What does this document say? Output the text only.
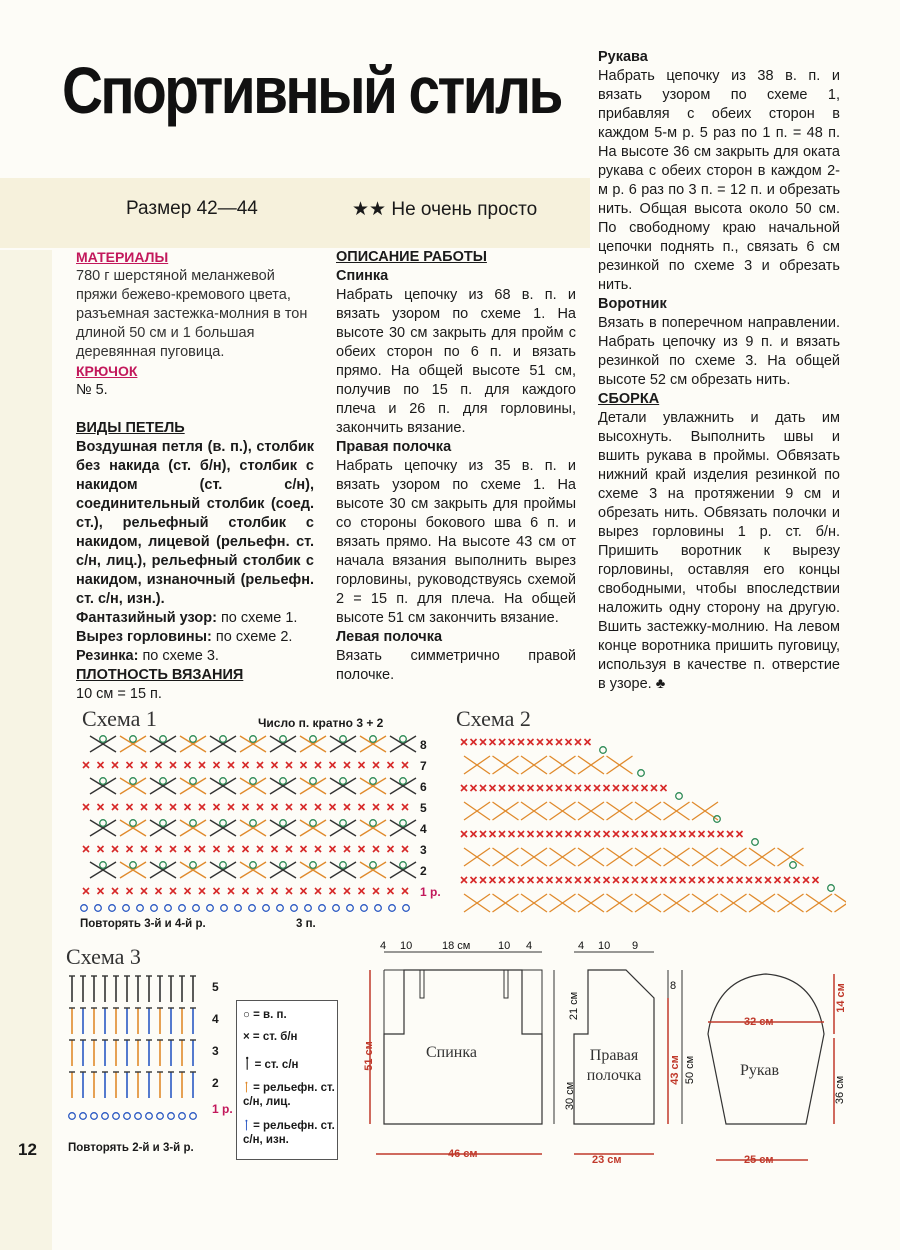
Спортивный стиль
Размер 42—44	★★ Не очень просто

МАТЕРИАЛЫ

780 г шерстяной меланжевой пряжи бежево-кремового цвета, разъемная застежка-молния в тон длиной 50 см и 1 большая деревянная пуговица.

КРЮЧОК

№ 5.

ВИДЫ ПЕТЕЛЬ

Воздушная петля (в. п.), столбик без накида (ст. б/н), столбик с накидом (ст. с/н), соединительный столбик (соед. ст.), рельефный столбик с накидом, лицевой (рельефн. ст. с/н, лиц.), рельефный столбик с накидом, изнаночный (рельефн. ст. с/н, изн.).

Фантазийный узор: по схеме 1.

Вырез горловины: по схеме 2.

Резинка: по схеме 3.

ПЛОТНОСТЬ ВЯЗАНИЯ

10 см = 15 п.

ОПИСАНИЕ РАБОТЫ

Спинка

Набрать цепочку из 68 в. п. и вязать узором по схеме 1. На высоте 30 см закрыть для пройм с обеих сторон по 6 п. и вязать прямо. На общей высоте 51 см, получив по 15 п. для каждого плеча и 26 п. для горловины, закончить вязание.

Правая полочка

Набрать цепочку из 35 в. п. и вязать узором по схеме 1. На высоте 30 см закрыть для проймы со стороны бокового шва 6 п. и вязать прямо. На высоте 43 см от начала вязания выполнить вырез горловины, руководствуясь схемой 2 = 15 п. для плеча. На общей высоте 51 см закончить вязание.

Левая полочка

Вязать симметрично правой полочке.

Рукава

Набрать цепочку из 38 в. п. и вязать узором по схеме 1, прибавляя с обеих сторон в каждом 5-м р. 5 раз по 1 п. = 48 п. На высоте 36 см закрыть для оката рукава с обеих сторон в каждом 2-м р. 6 раз по 3 п. = 12 п. и обрезать нить. Общая высота около 50 см. По свободному краю начальной цепочки поднять п., связать 6 см резинкой по схеме 3 и обрезать нить.

Воротник

Вязать в поперечном направлении. Набрать цепочку из 9 п. и вязать резинкой по схеме 3. На общей высоте 52 см обрезать нить.

СБОРКА

Детали увлажнить и дать им высохнуть. Выполнить швы и вшить рукава в проймы. Обвязать нижний край изделия резинкой по схеме 3 на протяжении 9 см и обрезать нить. Обвязать полочки и вырез горловины 1 р. ст. б/н. Пришить воротник к вырезу горловины, оставляя его концы свободными, чтобы впоследствии наложить одну сторону на другую. Вшить застежку-молнию. На левом конце воротника пришить пуговицу, используя в качестве п. отверстие в узоре. ♣

Схема 1	Число п. кратно 3 + 2
8
7
6
5
4
3
2
1 р.
Повторять 3-й и 4-й р.	3 п.
Схема 2
Схема 3
5
4
3
2
1 р.
Повторять 2-й и 3-й р.
○ = в. п.
× = ст. б/н
ᛙ = ст. с/н
ᛙ = рельефн. ст. с/н, лиц.
ᛙ = рельефн. ст. с/н, изн.
4 10	18 см	10 4
21 см
51 см
30 см
46 см
Спинка
4 10 9
8
43 см 50 см
23 см
Правая полочка
32 см
14 см
36 см
25 см
Рукав
12
